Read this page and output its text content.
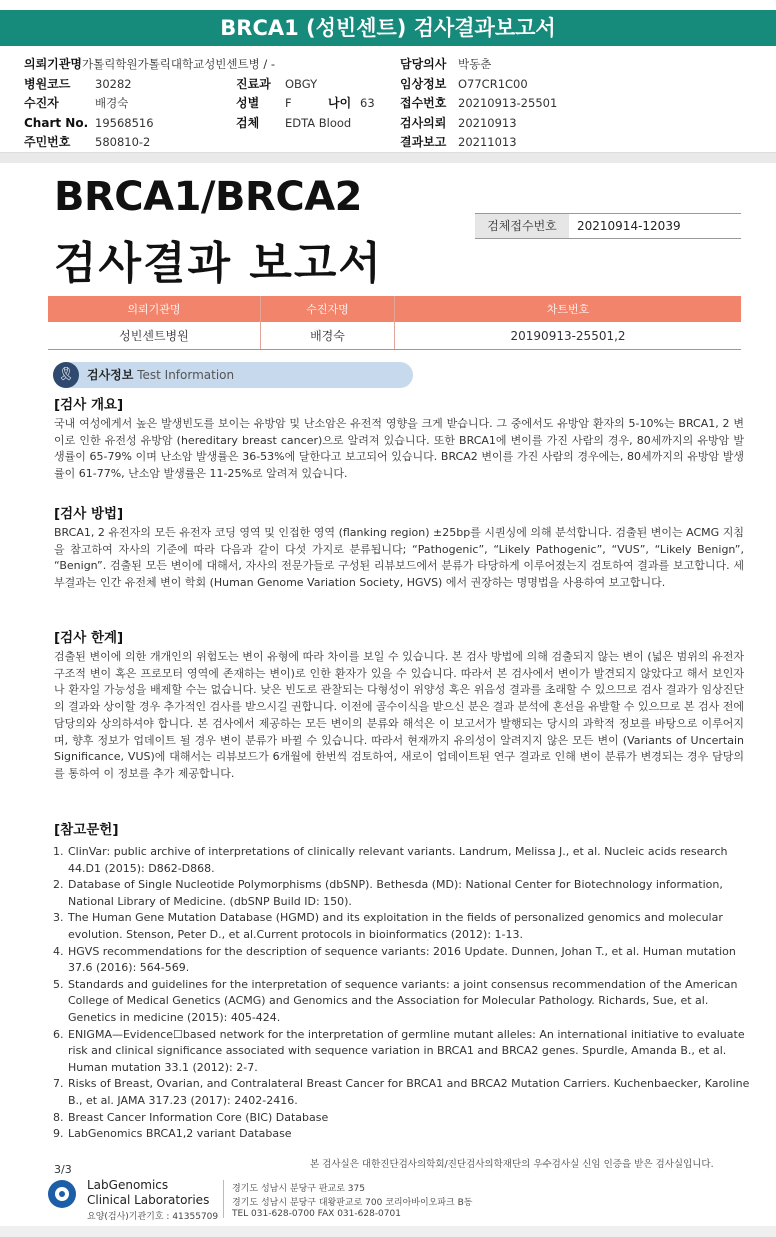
BRCA1 (성빈센트) 검사결과보고서
의뢰기관명 가톨릭학원가톨릭대학교성빈센트병 / -	담당의사 박동춘
병원코드 30282	진료과 OBGY	임상정보 O77CR1C00
수진자	배경숙	성별 F	나이 63 접수번호 20210913-25501
Chart No. 19568516	검체 EDTA Blood	검사의뢰 20210913
주민번호 580810-2	결과보고 20211013
BRCA1/BRCA2
검사결과 보고서
검체접수번호	20210914-12039
의뢰기관명	수진자명	차트번호
성빈센트병원	배경숙	20190913-25501,2
🎗	검사정보 Test Information
[검사 개요]

국내 여성에게서 높은 발생빈도를 보이는 유방암 및 난소암은 유전적 영향을 크게 받습니다. 그 중에서도 유방암 환자의 5-10%는 BRCA1, 2 변이로 인한 유전성 유방암 (hereditary breast cancer)으로 알려져 있습니다. 또한 BRCA1에 변이를 가진 사람의 경우, 80세까지의 유방암 발생률이 65-79% 이며 난소암 발생률은 36-53%에 달한다고 보고되어 있습니다. BRCA2 변이를 가진 사람의 경우에는, 80세까지의 유방암 발생률이 61-77%, 난소암 발생률은 11-25%로 알려져 있습니다.

[검사 방법]

BRCA1, 2 유전자의 모든 유전자 코딩 영역 및 인접한 영역 (flanking region) ±25bp를 시퀀싱에 의해 분석합니다. 검출된 변이는 ACMG 지침을 참고하여 자사의 기준에 따라 다음과 같이 다섯 가지로 분류됩니다; “Pathogenic”, “Likely Pathogenic”, “VUS”, “Likely Benign”, “Benign”. 검출된 모든 변이에 대해서, 자사의 전문가들로 구성된 리뷰보드에서 분류가 타당하게 이루어졌는지 검토하여 결과를 보고합니다. 세부결과는 인간 유전체 변이 학회 (Human Genome Variation Society, HGVS) 에서 권장하는 명명법을 사용하여 보고합니다.

[검사 한계]

검출된 변이에 의한 개개인의 위험도는 변이 유형에 따라 차이를 보일 수 있습니다. 본 검사 방법에 의해 검출되지 않는 변이 (넓은 범위의 유전자 구조적 변이 혹은 프로모터 영역에 존재하는 변이)로 인한 환자가 있을 수 있습니다. 따라서 본 검사에서 변이가 발견되지 않았다고 해서 보인자나 환자일 가능성을 배제할 수는 없습니다. 낮은 빈도로 관찰되는 다형성이 위양성 혹은 위음성 결과를 초래할 수 있으므로 검사 결과가 임상진단의 결과와 상이할 경우 추가적인 검사를 받으시길 권합니다. 이전에 골수이식을 받으신 분은 결과 분석에 혼선을 유발할 수 있으므로 본 검사 전에 담당의와 상의하셔야 합니다. 본 검사에서 제공하는 모든 변이의 분류와 해석은 이 보고서가 발행되는 당시의 과학적 정보를 바탕으로 이루어지며, 향후 정보가 업데이트 될 경우 변이 분류가 바뀔 수 있습니다. 따라서 현재까지 유의성이 알려지지 않은 모든 변이 (Variants of Uncertain Significance, VUS)에 대해서는 리뷰보드가 6개월에 한번씩 검토하여, 새로이 업데이트된 연구 결과로 인해 변이 분류가 변경되는 경우 담당의를 통하여 이 정보를 추가 제공합니다.

[참고문헌]
1. ClinVar: public archive of interpretations of clinically relevant variants. Landrum, Melissa J., et al. Nucleic acids research 44.D1 (2015): D862-D868.
2. Database of Single Nucleotide Polymorphisms (dbSNP). Bethesda (MD): National Center for Biotechnology information, National Library of Medicine. (dbSNP Build ID: 150).
3. The Human Gene Mutation Database (HGMD) and its exploitation in the fields of personalized genomics and molecular evolution. Stenson, Peter D., et al.Current protocols in bioinformatics (2012): 1-13.
4. HGVS recommendations for the description of sequence variants: 2016 Update. Dunnen, Johan T., et al. Human mutation 37.6 (2016): 564-569.
5. Standards and guidelines for the interpretation of sequence variants: a joint consensus recommendation of the American College of Medical Genetics (ACMG) and Genomics and the Association for Molecular Pathology. Richards, Sue, et al. Genetics in medicine (2015): 405-424.
6. ENIGMA—Evidence☐based network for the interpretation of germline mutant alleles: An international initiative to evaluate risk and clinical significance associated with sequence variation in BRCA1 and BRCA2 genes. Spurdle, Amanda B., et al. Human mutation 33.1 (2012): 2-7.
7. Risks of Breast, Ovarian, and Contralateral Breast Cancer for BRCA1 and BRCA2 Mutation Carriers. Kuchenbaecker, Karoline B., et al. JAMA 317.23 (2017): 2402-2416.
8. Breast Cancer Information Core (BIC) Database
9. LabGenomics BRCA1,2 variant Database
본 검사실은 대한진단검사의학회/진단검사의학재단의 우수검사실 신임 인증을 받은 검사실입니다.
3/3
LabGenomics
Clinical Laboratories
요양(검사)기관기호 : 41355709
경기도 성남시 분당구 판교로 375
경기도 성남시 분당구 대왕판교로 700 코리아바이오파크 B동
TEL 031-628-0700 FAX 031-628-0701
